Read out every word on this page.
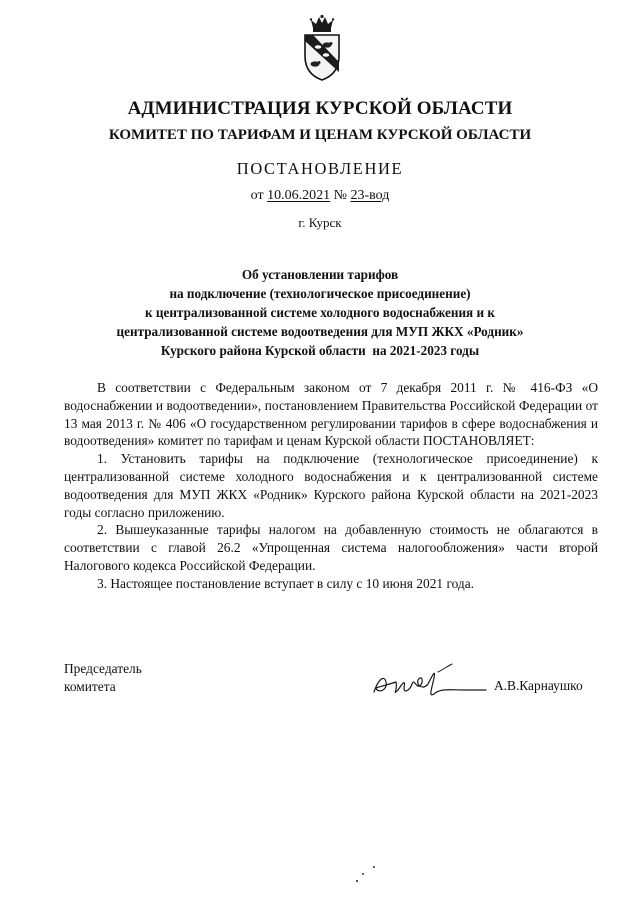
АДМИНИСТРАЦИЯ КУРСКОЙ ОБЛАСТИ
КОМИТЕТ ПО ТАРИФАМ И ЦЕНАМ КУРСКОЙ ОБЛАСТИ
ПОСТАНОВЛЕНИЕ
от 10.06.2021 № 23-вод
г. Курск
Об установлении тарифов
на подключение (технологическое присоединение)
к централизованной системе холодного водоснабжения и к
централизованной системе водоотведения для МУП ЖКХ «Родник»
Курского района Курской области  на 2021-2023 годы

В соответствии с Федеральным законом от 7 декабря 2011 г. № 416-ФЗ «О водоснабжении и водоотведении», постановлением Правительства Российской Федерации от 13 мая 2013 г. № 406 «О государственном регулировании тарифов в сфере водоснабжения и водоотведения» комитет по тарифам и ценам Курской области ПОСТАНОВЛЯЕТ:

1. Установить тарифы на подключение (технологическое присоединение) к централизованной системе холодного водоснабжения и к централизованной системе водоотведения для МУП ЖКХ «Родник» Курского района Курской области на 2021-2023 годы согласно приложению.

2. Вышеуказанные тарифы налогом на добавленную стоимость не облагаются в соответствии с главой 26.2 «Упрощенная система налогообложения» части второй Налогового кодекса Российской Федерации.

3. Настоящее постановление вступает в силу с 10 июня 2021 года.

Председатель
комитета	А.В.Карнаушко
